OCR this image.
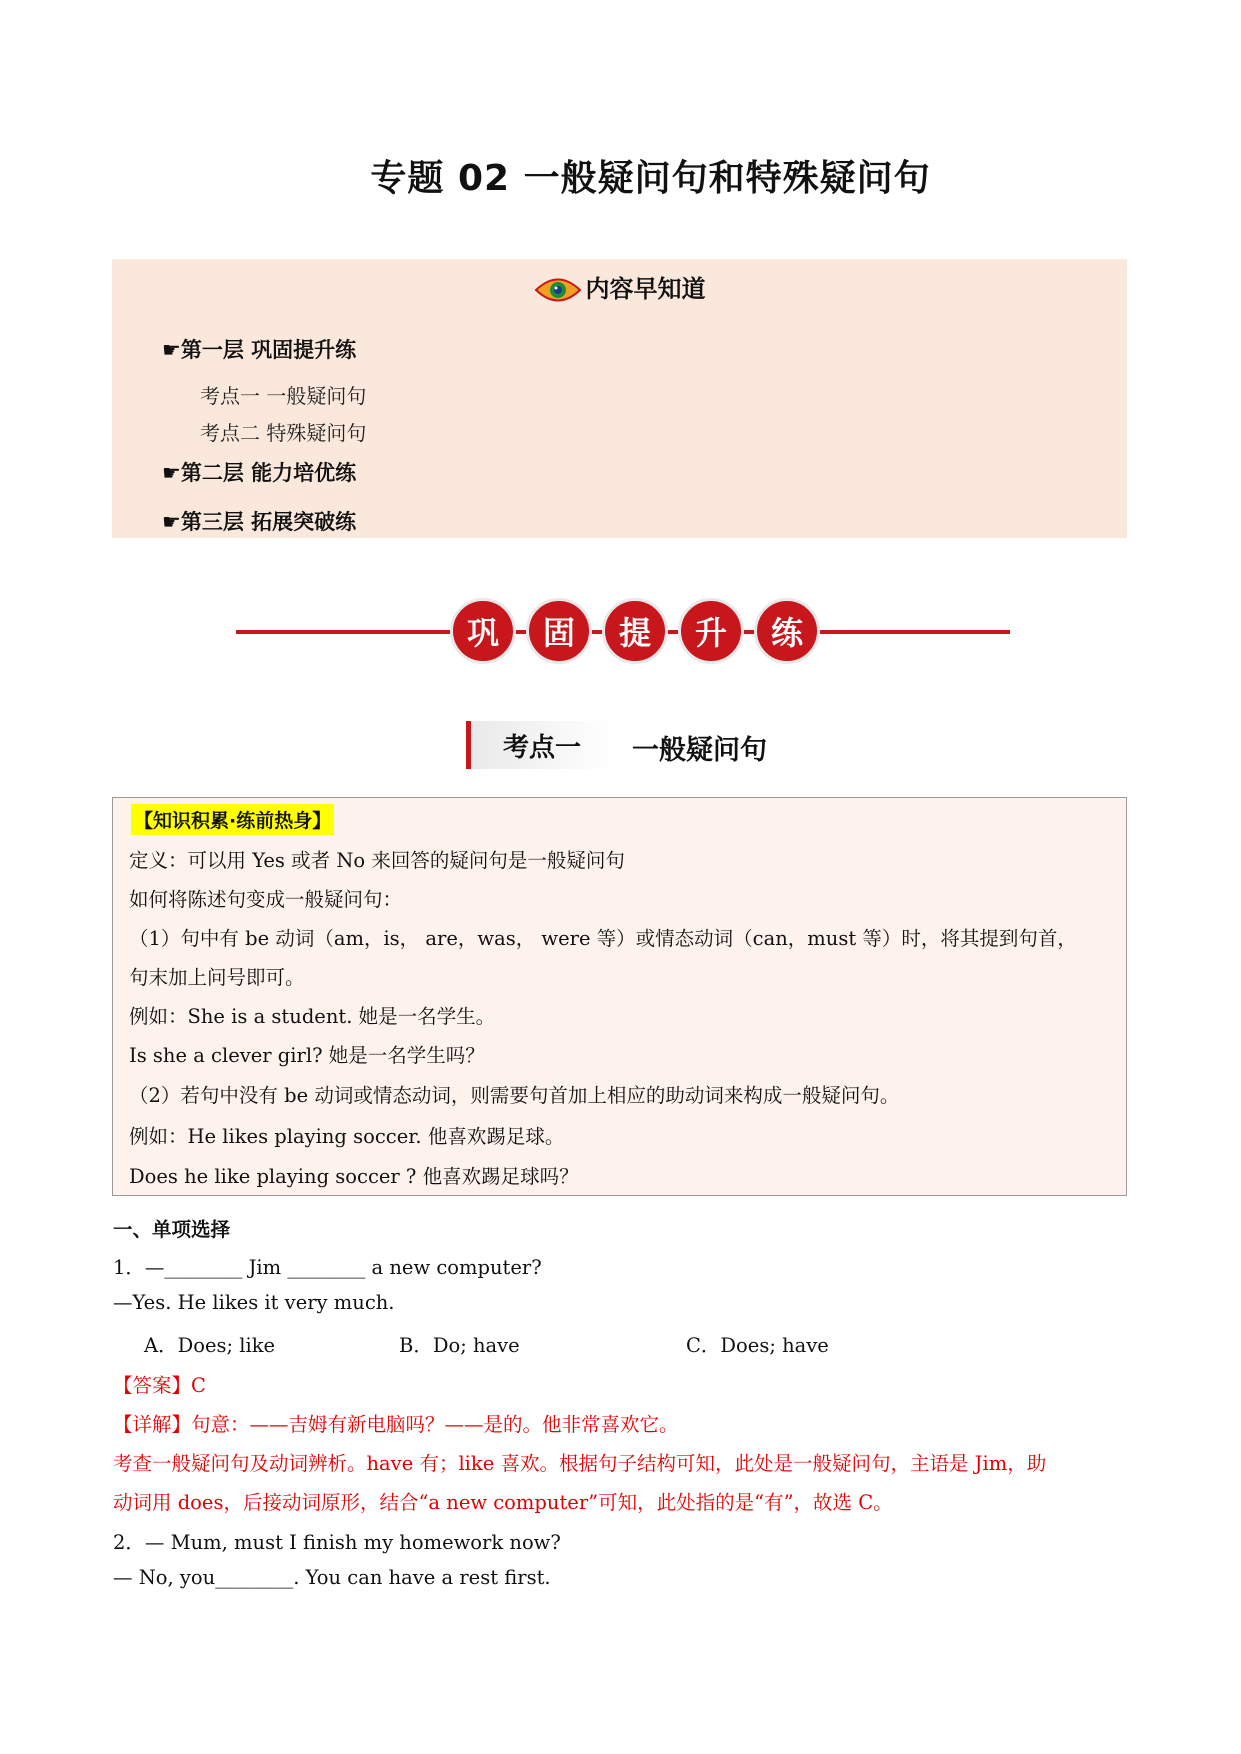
专题 02 一般疑问句和特殊疑问句
内容早知道
☛第一层 巩固提升练
考点一 一般疑问句
考点二 特殊疑问句
☛第二层 能力培优练
☛第三层 拓展突破练
巩	固	提	升	练
考点一	一般疑问句
【知识积累·练前热身】
定义：可以用 Yes 或者 No 来回答的疑问句是一般疑问句
如何将陈述句变成一般疑问句：
（1）句中有 be 动词（am，is， are，was， were 等）或情态动词（can，must 等）时，将其提到句首，
句末加上问号即可。
例如：She is a student. 她是一名学生。
Is she a clever girl? 她是一名学生吗？
（2）若句中没有 be 动词或情态动词，则需要句首加上相应的助动词来构成一般疑问句。
例如：He likes playing soccer. 他喜欢踢足球。
Does he like playing soccer ? 他喜欢踢足球吗？
一、单项选择
1．—________ Jim ________ a new computer?
—Yes. He likes it very much.
A．Does; like	B．Do; have	C．Does; have
【答案】C
【详解】句意：——吉姆有新电脑吗？——是的。他非常喜欢它。
考查一般疑问句及动词辨析。have 有；like 喜欢。根据句子结构可知，此处是一般疑问句，主语是 Jim，助
动词用 does，后接动词原形，结合“a new computer”可知，此处指的是“有”，故选 C。
2．— Mum, must I finish my homework now?
— No, you________. You can have a rest first.
